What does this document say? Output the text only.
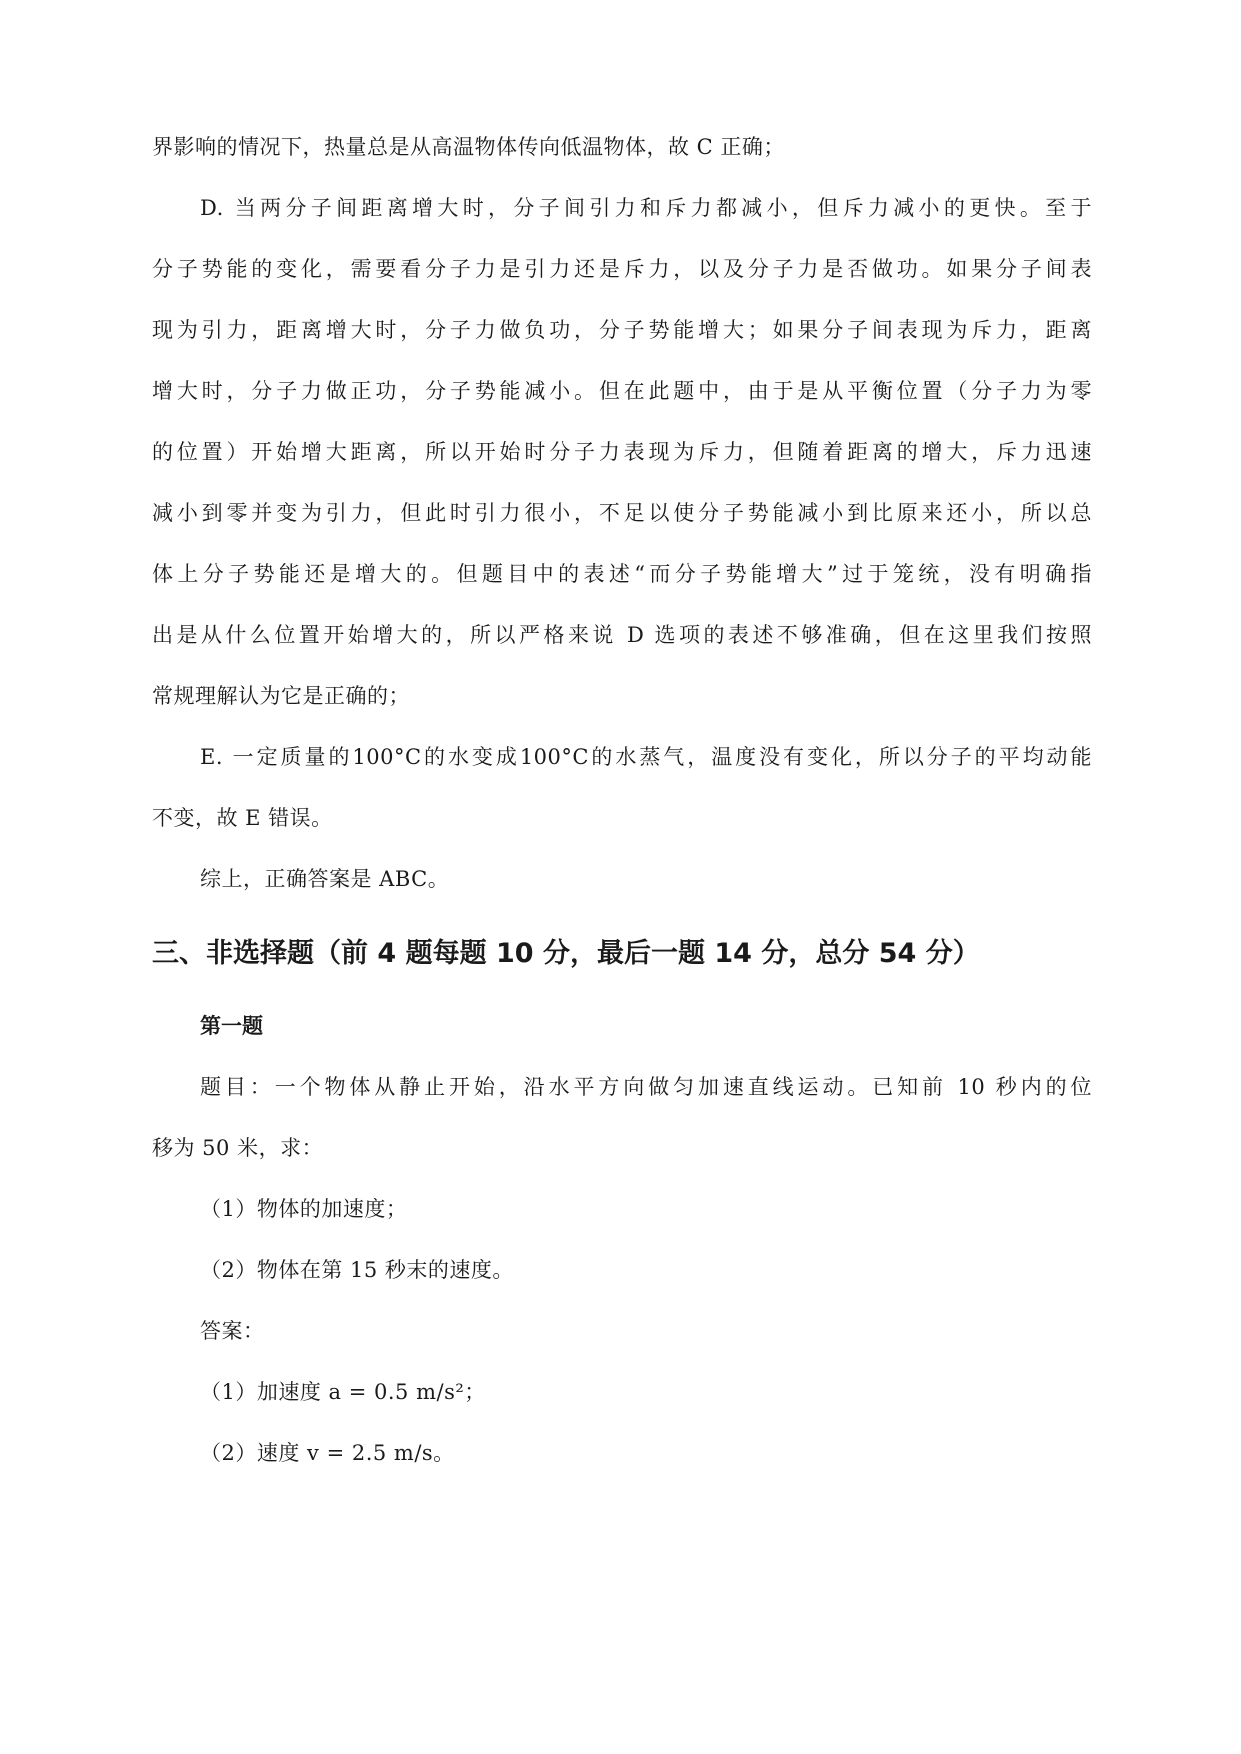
界影响的情况下，热量总是从高温物体传向低温物体，故 C 正确；
D. 当两分子间距离增大时，分子间引力和斥力都减小，但斥力减小的更快。至于
分子势能的变化，需要看分子力是引力还是斥力，以及分子力是否做功。如果分子间表
现为引力，距离增大时，分子力做负功，分子势能增大；如果分子间表现为斥力，距离
增大时，分子力做正功，分子势能减小。但在此题中，由于是从平衡位置（分子力为零
的位置）开始增大距离，所以开始时分子力表现为斥力，但随着距离的增大，斥力迅速
减小到零并变为引力，但此时引力很小，不足以使分子势能减小到比原来还小，所以总
体上分子势能还是增大的。但题目中的表述“而分子势能增大”过于笼统，没有明确指
出是从什么位置开始增大的，所以严格来说 D 选项的表述不够准确，但在这里我们按照
常规理解认为它是正确的；
E. 一定质量的100°C的水变成100°C的水蒸气，温度没有变化，所以分子的平均动能
不变，故 E 错误。
综上，正确答案是 ABC。
三、非选择题（前 4 题每题 10 分，最后一题 14 分，总分 54 分）
第一题
题目：一个物体从静止开始，沿水平方向做匀加速直线运动。已知前 10 秒内的位
移为 50 米，求：
（1）物体的加速度；
（2）物体在第 15 秒末的速度。
答案：
（1）加速度 a = 0.5 m/s²；
（2）速度 v = 2.5 m/s。
